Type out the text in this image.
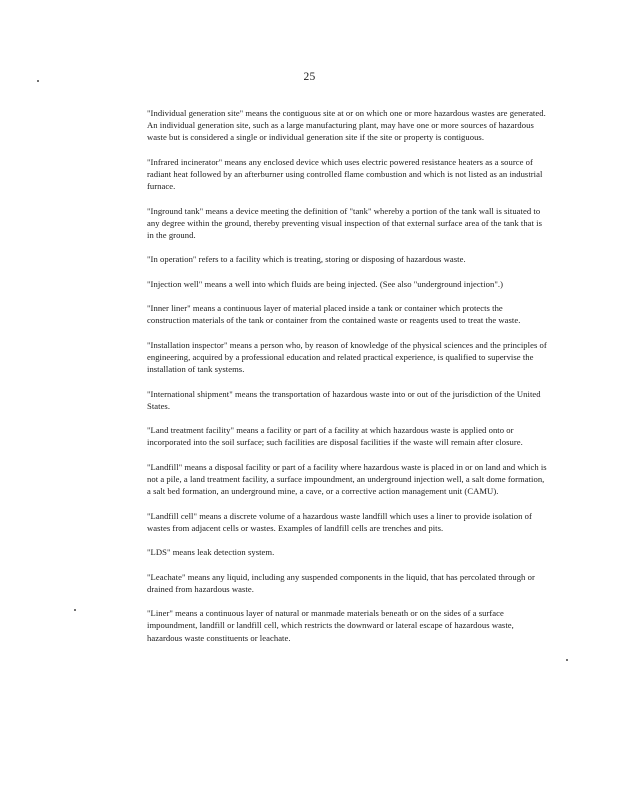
25

"Individual generation site" means the contiguous site at or on which one or more hazardous wastes are generated. An individual generation site, such as a large manufacturing plant, may have one or more sources of hazardous waste but is considered a single or individual generation site if the site or property is contiguous.

"Infrared incinerator" means any enclosed device which uses electric powered resistance heaters as a source of radiant heat followed by an afterburner using controlled flame combustion and which is not listed as an industrial furnace.

"Inground tank" means a device meeting the definition of "tank" whereby a portion of the tank wall is situated to any degree within the ground, thereby preventing visual inspection of that external surface area of the tank that is in the ground.

"In operation" refers to a facility which is treating, storing or disposing of hazardous waste.

"Injection well" means a well into which fluids are being injected. (See also "underground injection".)

"Inner liner" means a continuous layer of material placed inside a tank or container which protects the construction materials of the tank or container from the contained waste or reagents used to treat the waste.

"Installation inspector" means a person who, by reason of knowledge of the physical sciences and the principles of engineering, acquired by a professional education and related practical experience, is qualified to supervise the installation of tank systems.

"International shipment" means the transportation of hazardous waste into or out of the jurisdiction of the United States.

"Land treatment facility" means a facility or part of a facility at which hazardous waste is applied onto or incorporated into the soil surface; such facilities are disposal facilities if the waste will remain after closure.

"Landfill" means a disposal facility or part of a facility where hazardous waste is placed in or on land and which is not a pile, a land treatment facility, a surface impoundment, an underground injection well, a salt dome formation, a salt bed formation, an underground mine, a cave, or a corrective action management unit (CAMU).

"Landfill cell" means a discrete volume of a hazardous waste landfill which uses a liner to provide isolation of wastes from adjacent cells or wastes. Examples of landfill cells are trenches and pits.

"LDS" means leak detection system.

"Leachate" means any liquid, including any suspended components in the liquid, that has percolated through or drained from hazardous waste.

"Liner" means a continuous layer of natural or manmade materials beneath or on the sides of a surface impoundment, landfill or landfill cell, which restricts the downward or lateral escape of hazardous waste, hazardous waste constituents or leachate.
